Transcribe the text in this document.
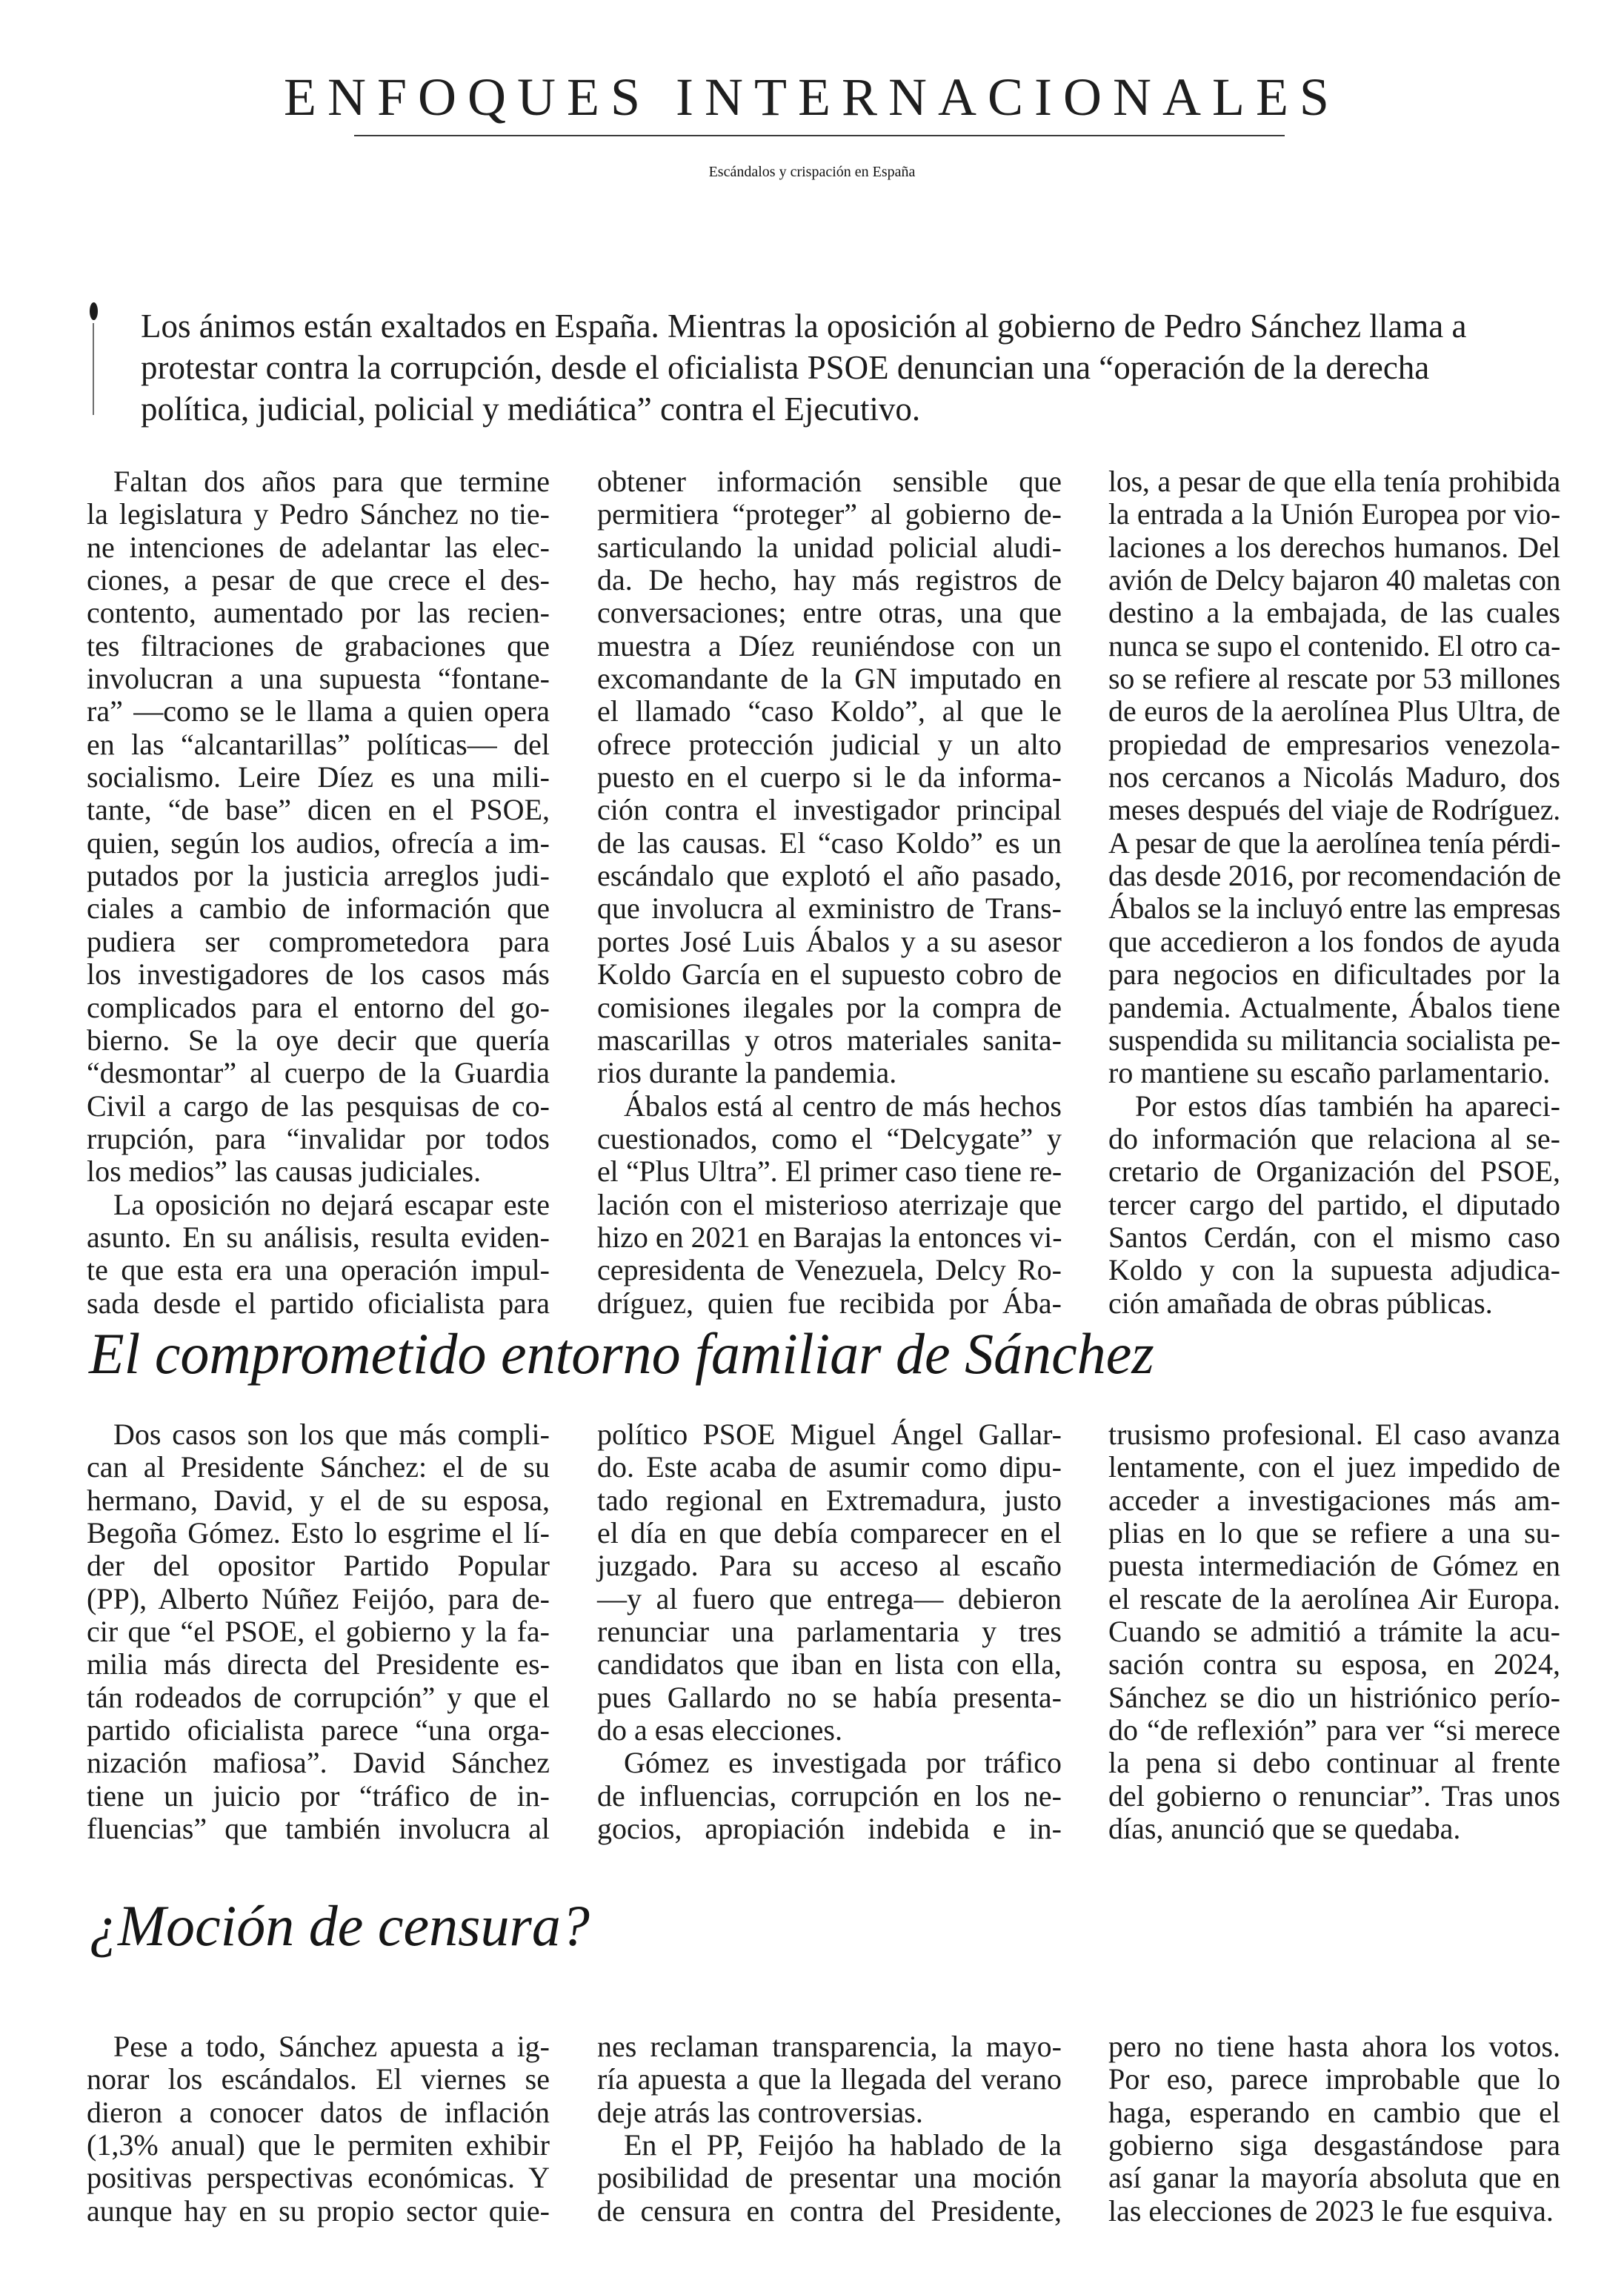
ENFOQUES INTERNACIONALES
Escándalos y crispación en España

Los ánimos están exaltados en España. Mientras la oposición al gobierno de Pedro Sánchez llama a
protestar contra la corrupción, desde el oficialista PSOE denuncian una “operación de la derecha
política, judicial, policial y mediática” contra el Ejecutivo.

Faltan dos años para que termine
la legislatura y Pedro Sánchez no tie-
ne intenciones de adelantar las elec-
ciones, a pesar de que crece el des-
contento, aumentado por las recien-
tes filtraciones de grabaciones que
involucran a una supuesta “fontane-
ra” —como se le llama a quien opera
en las “alcantarillas” políticas— del
socialismo. Leire Díez es una mili-
tante, “de base” dicen en el PSOE,
quien, según los audios, ofrecía a im-
putados por la justicia arreglos judi-
ciales a cambio de información que
pudiera ser comprometedora para
los investigadores de los casos más
complicados para el entorno del go-
bierno. Se la oye decir que quería
“desmontar” al cuerpo de la Guardia
Civil a cargo de las pesquisas de co-
rrupción, para “invalidar por todos
los medios” las causas judiciales.

La oposición no dejará escapar este
asunto. En su análisis, resulta eviden-
te que esta era una operación impul-
sada desde el partido oficialista para

obtener información sensible que
permitiera “proteger” al gobierno de-
sarticulando la unidad policial aludi-
da. De hecho, hay más registros de
conversaciones; entre otras, una que
muestra a Díez reuniéndose con un
excomandante de la GN imputado en
el llamado “caso Koldo”, al que le
ofrece protección judicial y un alto
puesto en el cuerpo si le da informa-
ción contra el investigador principal
de las causas. El “caso Koldo” es un
escándalo que explotó el año pasado,
que involucra al exministro de Trans-
portes José Luis Ábalos y a su asesor
Koldo García en el supuesto cobro de
comisiones ilegales por la compra de
mascarillas y otros materiales sanita-
rios durante la pandemia.

Ábalos está al centro de más hechos
cuestionados, como el “Delcygate” y
el “Plus Ultra”. El primer caso tiene re-
lación con el misterioso aterrizaje que
hizo en 2021 en Barajas la entonces vi-
cepresidenta de Venezuela, Delcy Ro-
dríguez, quien fue recibida por Ába-

los, a pesar de que ella tenía prohibida
la entrada a la Unión Europea por vio-
laciones a los derechos humanos. Del
avión de Delcy bajaron 40 maletas con
destino a la embajada, de las cuales
nunca se supo el contenido. El otro ca-
so se refiere al rescate por 53 millones
de euros de la aerolínea Plus Ultra, de
propiedad de empresarios venezola-
nos cercanos a Nicolás Maduro, dos
meses después del viaje de Rodríguez.
A pesar de que la aerolínea tenía pérdi-
das desde 2016, por recomendación de
Ábalos se la incluyó entre las empresas
que accedieron a los fondos de ayuda
para negocios en dificultades por la
pandemia. Actualmente, Ábalos tiene
suspendida su militancia socialista pe-
ro mantiene su escaño parlamentario.

Por estos días también ha apareci-
do información que relaciona al se-
cretario de Organización del PSOE,
tercer cargo del partido, el diputado
Santos Cerdán, con el mismo caso
Koldo y con la supuesta adjudica-
ción amañada de obras públicas.

El comprometido entorno familiar de Sánchez

Dos casos son los que más compli-
can al Presidente Sánchez: el de su
hermano, David, y el de su esposa,
Begoña Gómez. Esto lo esgrime el lí-
der del opositor Partido Popular
(PP), Alberto Núñez Feijóo, para de-
cir que “el PSOE, el gobierno y la fa-
milia más directa del Presidente es-
tán rodeados de corrupción” y que el
partido oficialista parece “una orga-
nización mafiosa”. David Sánchez
tiene un juicio por “tráfico de in-
fluencias” que también involucra al

político PSOE Miguel Ángel Gallar-
do. Este acaba de asumir como dipu-
tado regional en Extremadura, justo
el día en que debía comparecer en el
juzgado. Para su acceso al escaño
—y al fuero que entrega— debieron
renunciar una parlamentaria y tres
candidatos que iban en lista con ella,
pues Gallardo no se había presenta-
do a esas elecciones.

Gómez es investigada por tráfico
de influencias, corrupción en los ne-
gocios, apropiación indebida e in-

trusismo profesional. El caso avanza
lentamente, con el juez impedido de
acceder a investigaciones más am-
plias en lo que se refiere a una su-
puesta intermediación de Gómez en
el rescate de la aerolínea Air Europa.
Cuando se admitió a trámite la acu-
sación contra su esposa, en 2024,
Sánchez se dio un histriónico perío-
do “de reflexión” para ver “si merece
la pena si debo continuar al frente
del gobierno o renunciar”. Tras unos
días, anunció que se quedaba.

¿Moción de censura?

Pese a todo, Sánchez apuesta a ig-
norar los escándalos. El viernes se
dieron a conocer datos de inflación
(1,3% anual) que le permiten exhibir
positivas perspectivas económicas. Y
aunque hay en su propio sector quie-

nes reclaman transparencia, la mayo-
ría apuesta a que la llegada del verano
deje atrás las controversias.

En el PP, Feijóo ha hablado de la
posibilidad de presentar una moción
de censura en contra del Presidente,

pero no tiene hasta ahora los votos.
Por eso, parece improbable que lo
haga, esperando en cambio que el
gobierno siga desgastándose para
así ganar la mayoría absoluta que en
las elecciones de 2023 le fue esquiva.
